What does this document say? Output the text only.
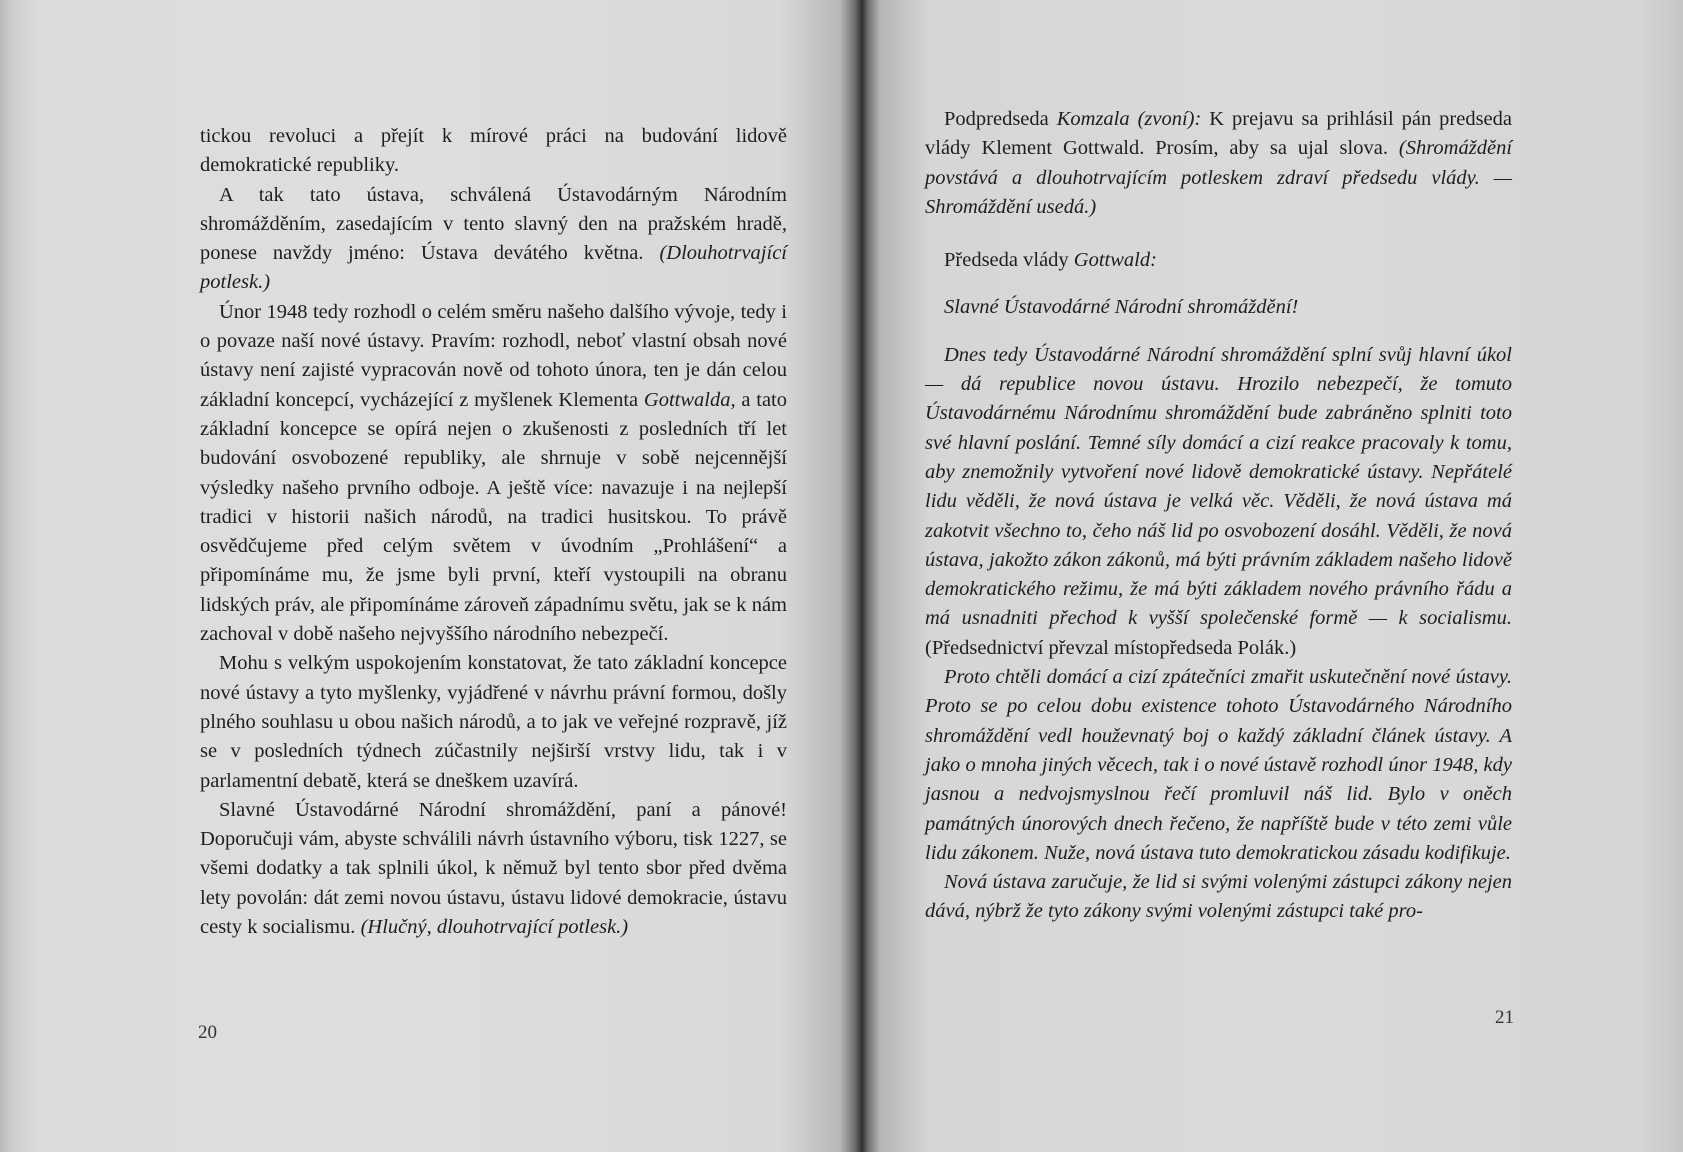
tickou revoluci a přejít k mírové práci na budování lidově demokratické republiky.

A tak tato ústava, schválená Ústavodárným Národním shromážděním, zasedajícím v tento slavný den na pražském hradě, ponese navždy jméno: Ústava devátého května. (Dlouhotrvající potlesk.)

Únor 1948 tedy rozhodl o celém směru našeho dalšího vývoje, tedy i o povaze naší nové ústavy. Pravím: rozhodl, neboť vlastní obsah nové ústavy není zajisté vypracován nově od tohoto února, ten je dán celou základní koncepcí, vycházející z myšlenek Klementa Gottwalda, a tato základní koncepce se opírá nejen o zkušenosti z posledních tří let budování osvobozené republiky, ale shrnuje v sobě nejcennější výsledky našeho prvního odboje. A ještě více: navazuje i na nejlepší tradici v historii našich národů, na tradici husitskou. To právě osvědčujeme před celým světem v úvodním „Prohlášení“ a připomínáme mu, že jsme byli první, kteří vystoupili na obranu lidských práv, ale připomínáme zároveň západnímu světu, jak se k nám zachoval v době našeho nejvyššího národního nebezpečí.

Mohu s velkým uspokojením konstatovat, že tato základní koncepce nové ústavy a tyto myšlenky, vyjádřené v návrhu právní formou, došly plného souhlasu u obou našich národů, a to jak ve veřejné rozpravě, jíž se v posledních týdnech zúčastnily nejširší vrstvy lidu, tak i v parlamentní debatě, která se dneškem uzavírá.

Slavné Ústavodárné Národní shromáždění, paní a pánové! Doporučuji vám, abyste schválili návrh ústavního výboru, tisk 1227, se všemi dodatky a tak splnili úkol, k němuž byl tento sbor před dvěma lety povolán: dát zemi novou ústavu, ústavu lidové demokracie, ústavu cesty k socialismu. (Hlučný, dlouhotrvající potlesk.)

20

Podpredseda Komzala (zvoní): K prejavu sa prihlásil pán predseda vlády Klement Gottwald. Prosím, aby sa ujal slova. (Shromáždění povstává a dlouhotrvajícím potleskem zdraví předsedu vlády. — Shromáždění usedá.)

Předseda vlády Gottwald:

Slavné Ústavodárné Národní shromáždění!

Dnes tedy Ústavodárné Národní shromáždění splní svůj hlavní úkol — dá republice novou ústavu. Hrozilo nebezpečí, že tomuto Ústavodárnému Národnímu shromáždění bude zabráněno splniti toto své hlavní poslání. Temné síly domácí a cizí reakce pracovaly k tomu, aby znemožnily vytvoření nové lidově demokratické ústavy. Nepřátelé lidu věděli, že nová ústava je velká věc. Věděli, že nová ústava má zakotvit všechno to, čeho náš lid po osvobození dosáhl. Věděli, že nová ústava, jakožto zákon zákonů, má býti právním základem našeho lidově demokratického režimu, že má býti základem nového právního řádu a má usnadniti přechod k vyšší společenské formě — k socialismu. (Předsednictví převzal místopředseda Polák.)

Proto chtěli domácí a cizí zpátečníci zmařit uskutečnění nové ústavy. Proto se po celou dobu existence tohoto Ústavodárného Národního shromáždění vedl houževnatý boj o každý základní článek ústavy. A jako o mnoha jiných věcech, tak i o nové ústavě rozhodl únor 1948, kdy jasnou a nedvojsmyslnou řečí promluvil náš lid. Bylo v oněch památných únorových dnech řečeno, že napříště bude v této zemi vůle lidu zákonem. Nuže, nová ústava tuto demokratickou zásadu kodifikuje.

Nová ústava zaručuje, že lid si svými volenými zástupci zákony nejen dává, nýbrž že tyto zákony svými volenými zástupci také pro-

21
